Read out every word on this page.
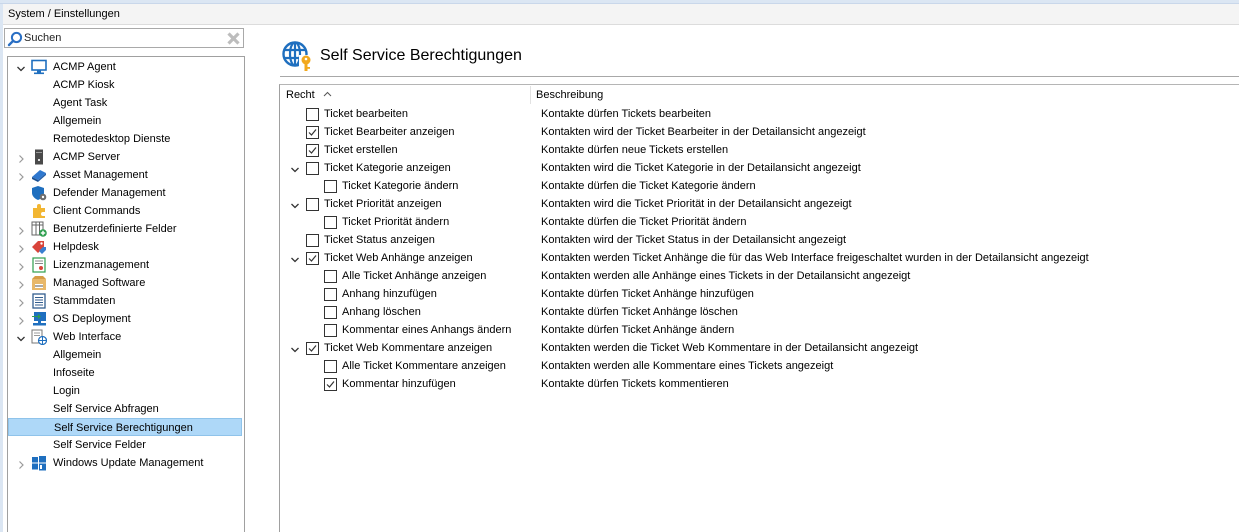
System / Einstellungen
Suchen
ACMP Agent
ACMP Kiosk
Agent Task
Allgemein
Remotedesktop Dienste
ACMP Server
Asset Management
Defender Management
Client Commands
Benutzerdefinierte Felder
Helpdesk
Lizenzmanagement
Managed Software
Stammdaten
OS Deployment
Web Interface
Allgemein
Infoseite
Login
Self Service Abfragen
Self Service Berechtigungen
Self Service Felder
Windows Update Management
Self Service Berechtigungen
Recht	Beschreibung
Ticket bearbeiten	Kontakte dürfen Tickets bearbeiten
Ticket Bearbeiter anzeigen	Kontakten wird der Ticket Bearbeiter in der Detailansicht angezeigt
Ticket erstellen	Kontakte dürfen neue Tickets erstellen
Ticket Kategorie anzeigen	Kontakten wird die Ticket Kategorie in der Detailansicht angezeigt
Ticket Kategorie ändern	Kontakte dürfen die Ticket Kategorie ändern
Ticket Priorität anzeigen	Kontakten wird die Ticket Priorität in der Detailansicht angezeigt
Ticket Priorität ändern	Kontakte dürfen die Ticket Priorität ändern
Ticket Status anzeigen	Kontakten wird der Ticket Status in der Detailansicht angezeigt
Ticket Web Anhänge anzeigen	Kontakten werden Ticket Anhänge die für das Web Interface freigeschaltet wurden in der Detailansicht angezeigt
Alle Ticket Anhänge anzeigen	Kontakten werden alle Anhänge eines Tickets in der Detailansicht angezeigt
Anhang hinzufügen	Kontakte dürfen Ticket Anhänge hinzufügen
Anhang löschen	Kontakte dürfen Ticket Anhänge löschen
Kommentar eines Anhangs ändern	Kontakte dürfen Ticket Anhänge ändern
Ticket Web Kommentare anzeigen	Kontakten werden die Ticket Web Kommentare in der Detailansicht angezeigt
Alle Ticket Kommentare anzeigen	Kontakten werden alle Kommentare eines Tickets angezeigt
Kommentar hinzufügen	Kontakte dürfen Tickets kommentieren
